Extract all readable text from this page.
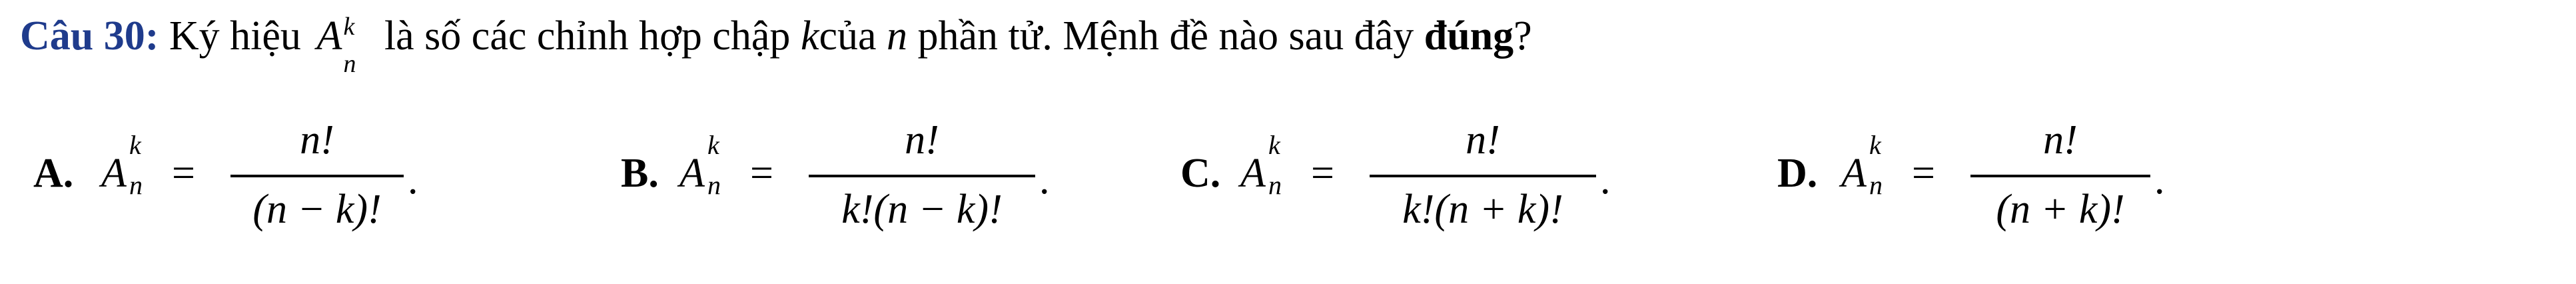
Câu 30: Ký hiệu A k
n
là số các chỉnh hợp chập kcủa n phần tử. Mệnh đề nào sau đây đúng?
A. A
k
n =
n!
(n − k)!
.	B. A
k
n =
n!
k!(n − k)!
.	C. A
k
n =
n!
k!(n + k)!
.	D. A
k
n =
n!
(n + k)!
.
